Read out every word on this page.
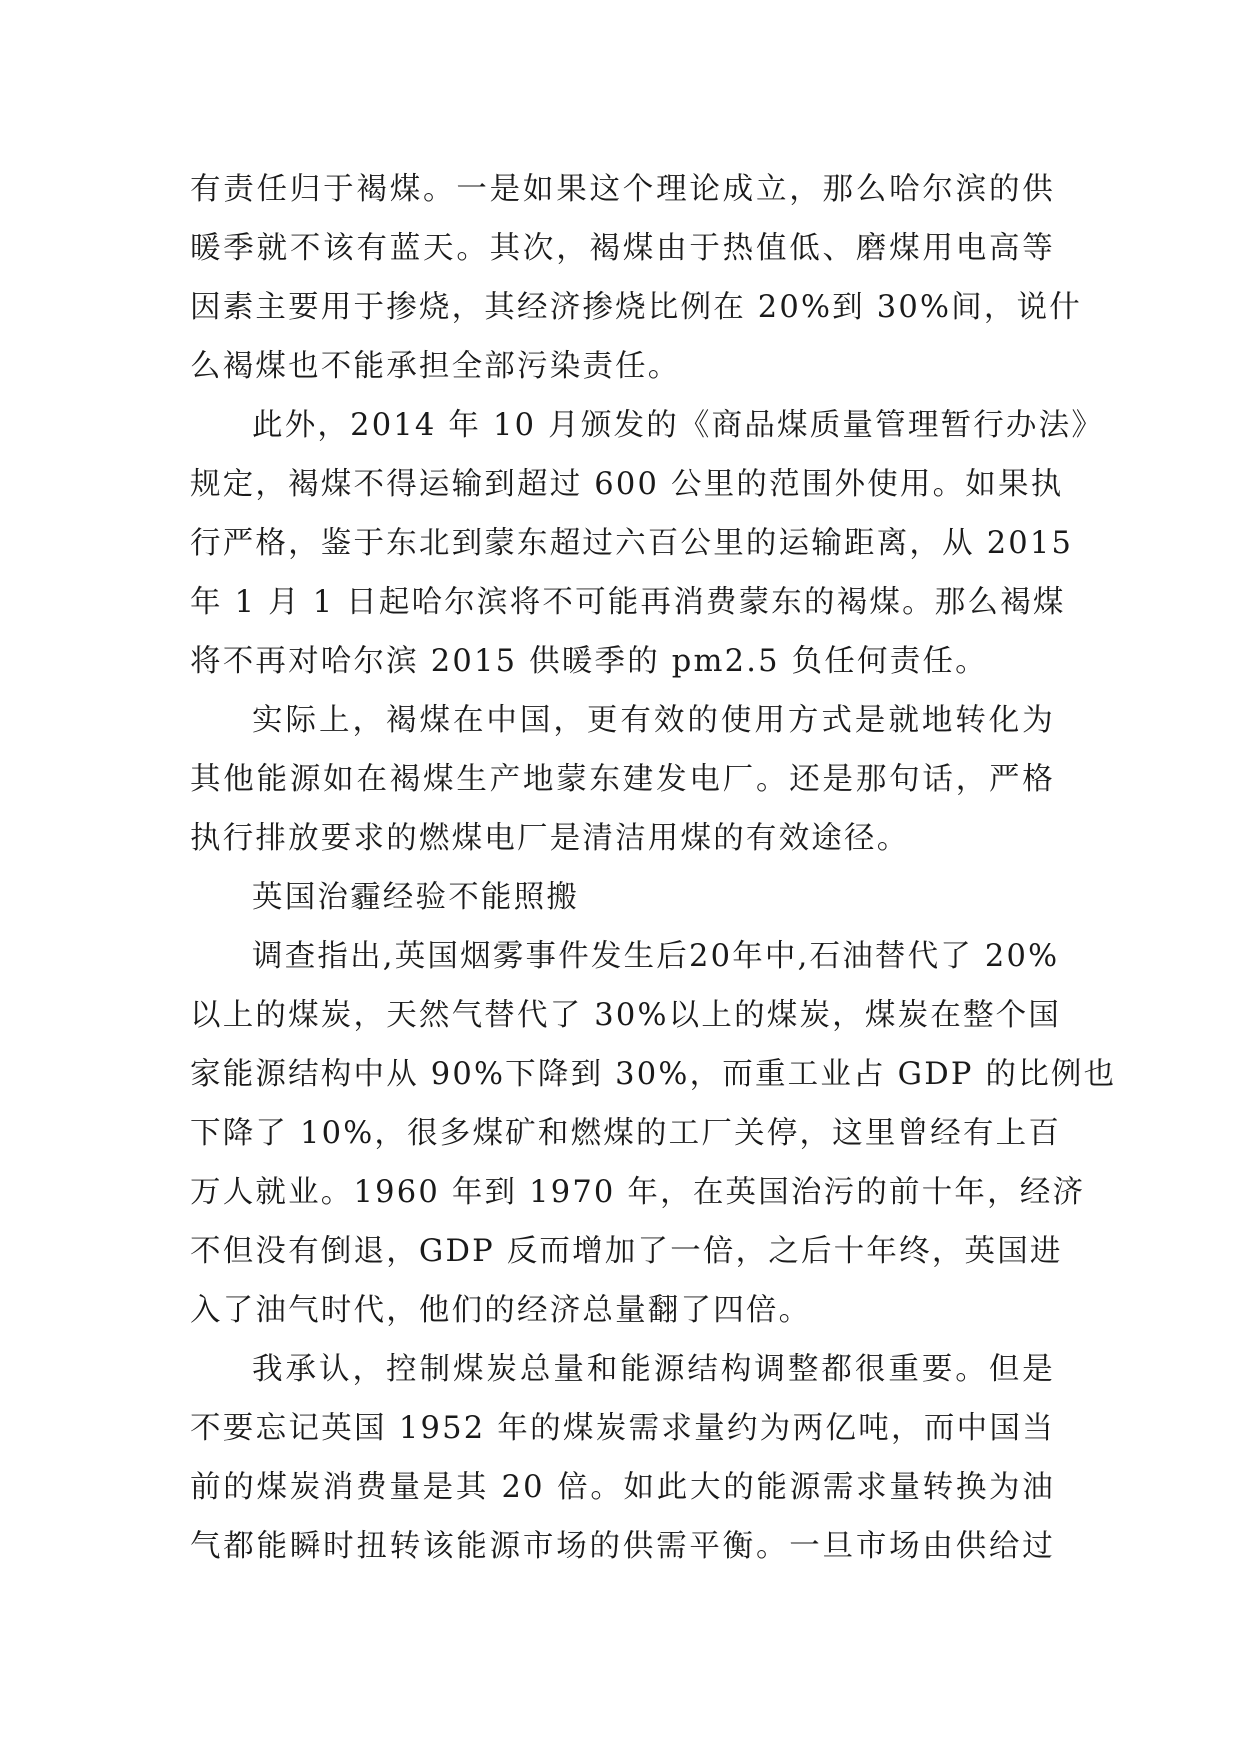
有责任归于褐煤。一是如果这个理论成立，那么哈尔滨的供
暖季就不该有蓝天。其次，褐煤由于热值低、磨煤用电高等
因素主要用于掺烧，其经济掺烧比例在 20%到 30%间，说什
么褐煤也不能承担全部污染责任。
此外，2014 年 10 月颁发的《商品煤质量管理暂行办法》
规定，褐煤不得运输到超过 600 公里的范围外使用。如果执
行严格，鉴于东北到蒙东超过六百公里的运输距离，从 2015
年 1 月 1 日起哈尔滨将不可能再消费蒙东的褐煤。那么褐煤
将不再对哈尔滨 2015 供暖季的 pm2.5 负任何责任。
实际上，褐煤在中国，更有效的使用方式是就地转化为
其他能源如在褐煤生产地蒙东建发电厂。还是那句话，严格
执行排放要求的燃煤电厂是清洁用煤的有效途径。
英国治霾经验不能照搬
调查指出,英国烟雾事件发生后20年中,石油替代了 20%
以上的煤炭，天然气替代了 30%以上的煤炭，煤炭在整个国
家能源结构中从 90%下降到 30%，而重工业占 GDP 的比例也
下降了 10%，很多煤矿和燃煤的工厂关停，这里曾经有上百
万人就业。1960 年到 1970 年，在英国治污的前十年，经济
不但没有倒退，GDP 反而增加了一倍，之后十年终，英国进
入了油气时代，他们的经济总量翻了四倍。
我承认，控制煤炭总量和能源结构调整都很重要。但是
不要忘记英国 1952 年的煤炭需求量约为两亿吨，而中国当
前的煤炭消费量是其 20 倍。如此大的能源需求量转换为油
气都能瞬时扭转该能源市场的供需平衡。一旦市场由供给过
